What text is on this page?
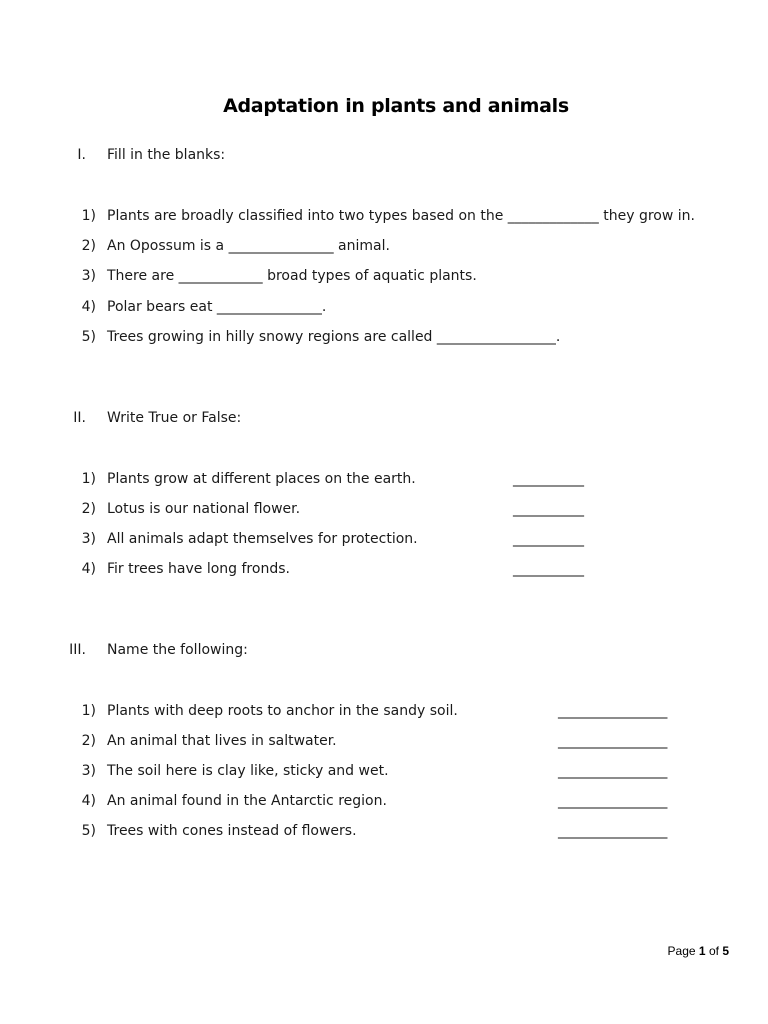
Adaptation in plants and animals
I. Fill in the blanks:
1) Plants are broadly classified into two types based on the _____________ they grow in.
2) An Opossum is a _______________ animal.
3) There are ____________ broad types of aquatic plants.
4) Polar bears eat _______________.
5) Trees growing in hilly snowy regions are called _________________.
II. Write True or False:
1) Plants grow at different places on the earth.	___________
2) Lotus is our national flower.	___________
3) All animals adapt themselves for protection.	___________
4) Fir trees have long fronds.	___________
III. Name the following:
1) Plants with deep roots to anchor in the sandy soil.	_________________
2) An animal that lives in saltwater.	_________________
3) The soil here is clay like, sticky and wet.	_________________
4) An animal found in the Antarctic region.	_________________
5) Trees with cones instead of flowers.	_________________
Page 1 of 5
